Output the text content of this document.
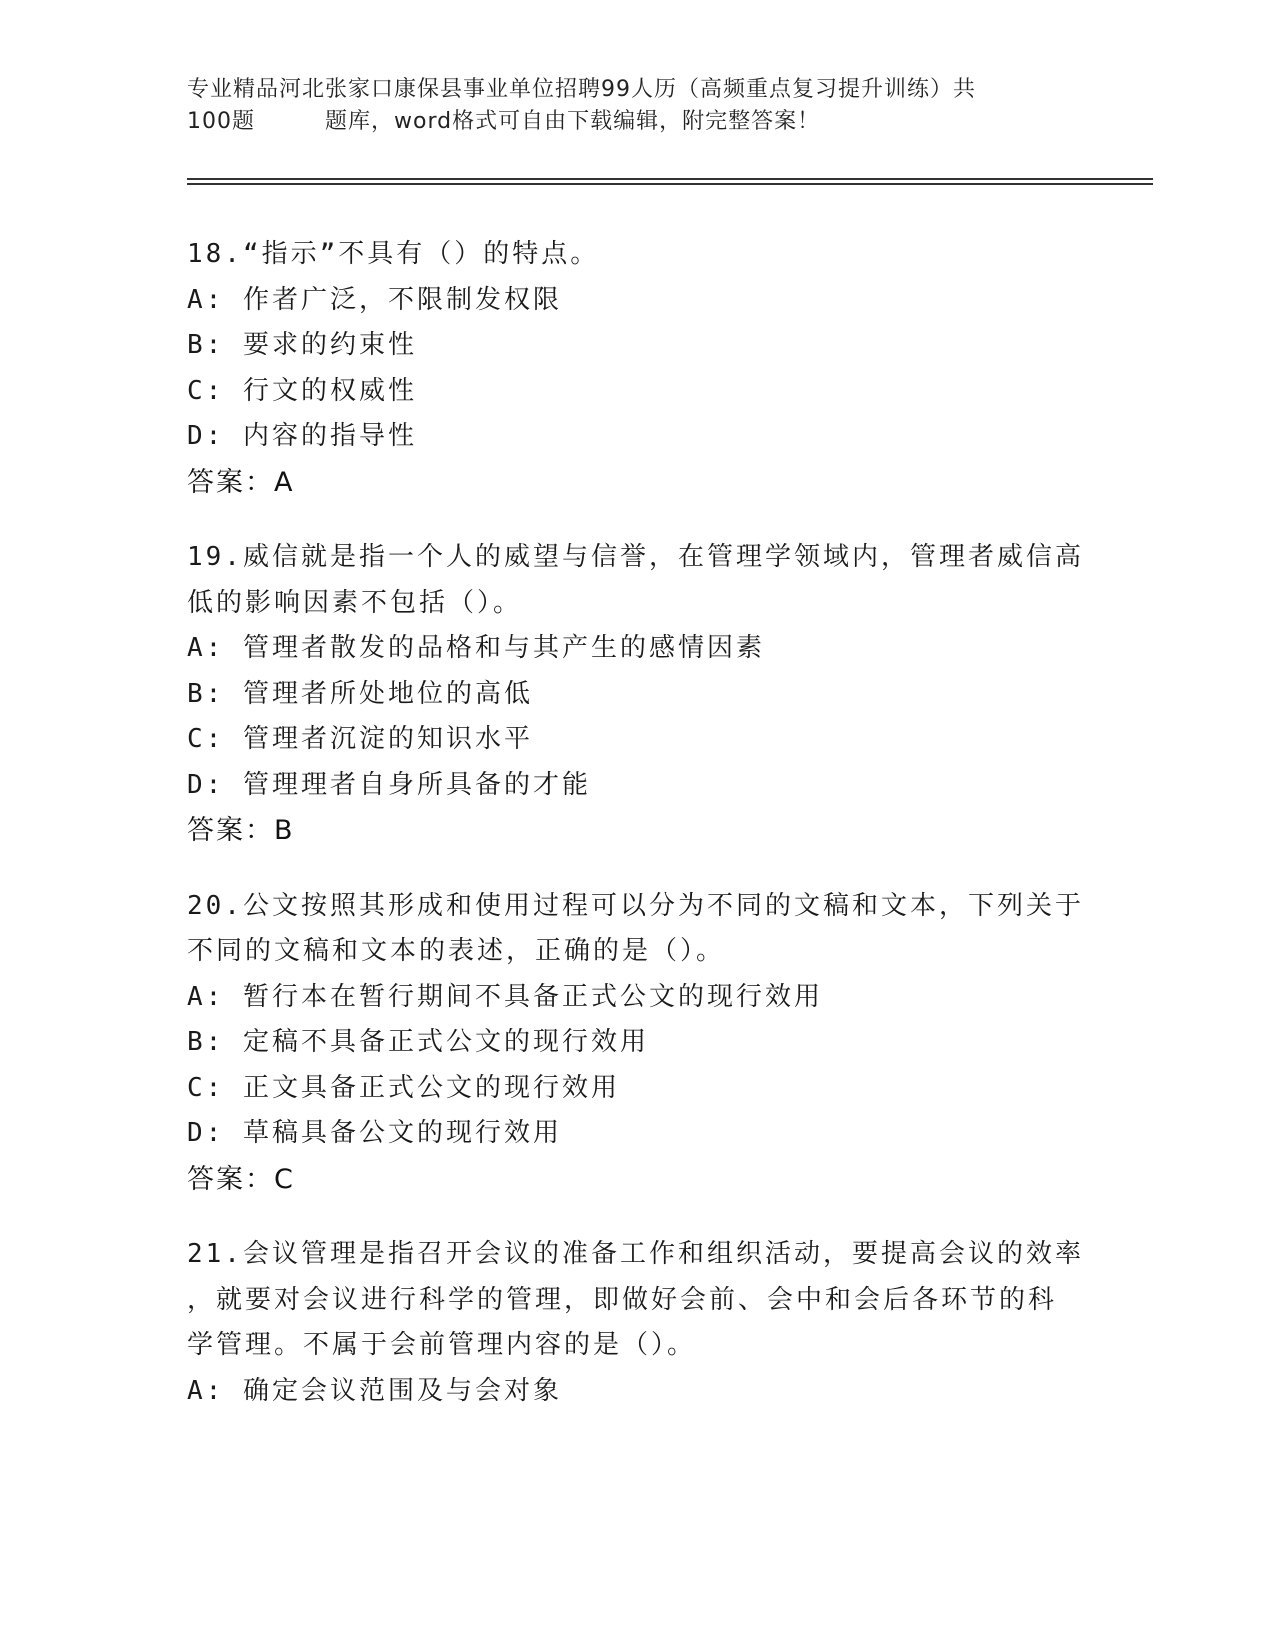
专业精品河北张家口康保县事业单位招聘99人历（高频重点复习提升训练）共
100题	题库，word格式可自由下载编辑，附完整答案！
18.“指示”不具有（）的特点。
A: 作者广泛，不限制发权限
B: 要求的约束性
C: 行文的权威性
D: 内容的指导性
答案：A
19.威信就是指一个人的威望与信誉，在管理学领域内，管理者威信高
低的影响因素不包括（）。
A: 管理者散发的品格和与其产生的感情因素
B: 管理者所处地位的高低
C: 管理者沉淀的知识水平
D: 管理理者自身所具备的才能
答案：B
20.公文按照其形成和使用过程可以分为不同的文稿和文本，下列关于
不同的文稿和文本的表述，正确的是（）。
A: 暂行本在暂行期间不具备正式公文的现行效用
B: 定稿不具备正式公文的现行效用
C: 正文具备正式公文的现行效用
D: 草稿具备公文的现行效用
答案：C
21.会议管理是指召开会议的准备工作和组织活动，要提高会议的效率
，就要对会议进行科学的管理，即做好会前、会中和会后各环节的科
学管理。不属于会前管理内容的是（）。
A: 确定会议范围及与会对象
